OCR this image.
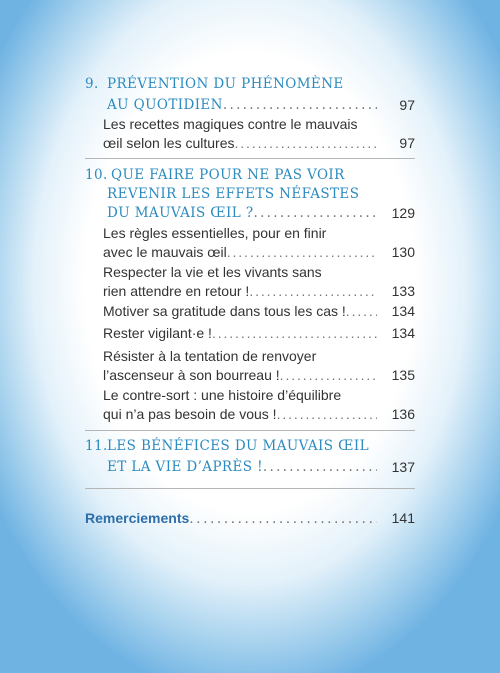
9. PRÉVENTION DU PHÉNOMÈNE
AU QUOTIDIEN . . .	97
Les recettes magiques contre le mauvais
œil selon les cultures . . .	97
10. QUE FAIRE POUR NE PAS VOIR
REVENIR LES EFFETS NÉFASTES
DU MAUVAIS ŒIL ? . . .	129
Les règles essentielles, pour en finir
avec le mauvais œil . . .	130
Respecter la vie et les vivants sans
rien attendre en retour ! . . .	133
Motiver sa gratitude dans tous les cas ! . . .	134
Rester vigilant·e ! . . .	134
Résister à la tentation de renvoyer
l’ascenseur à son bourreau ! . . .	135
Le contre-sort : une histoire d’équilibre
qui n’a pas besoin de vous ! . . .	136
11. LES BÉNÉFICES DU MAUVAIS ŒIL
ET LA VIE D’APRÈS ! . . .	137
Remerciements . . .	141
